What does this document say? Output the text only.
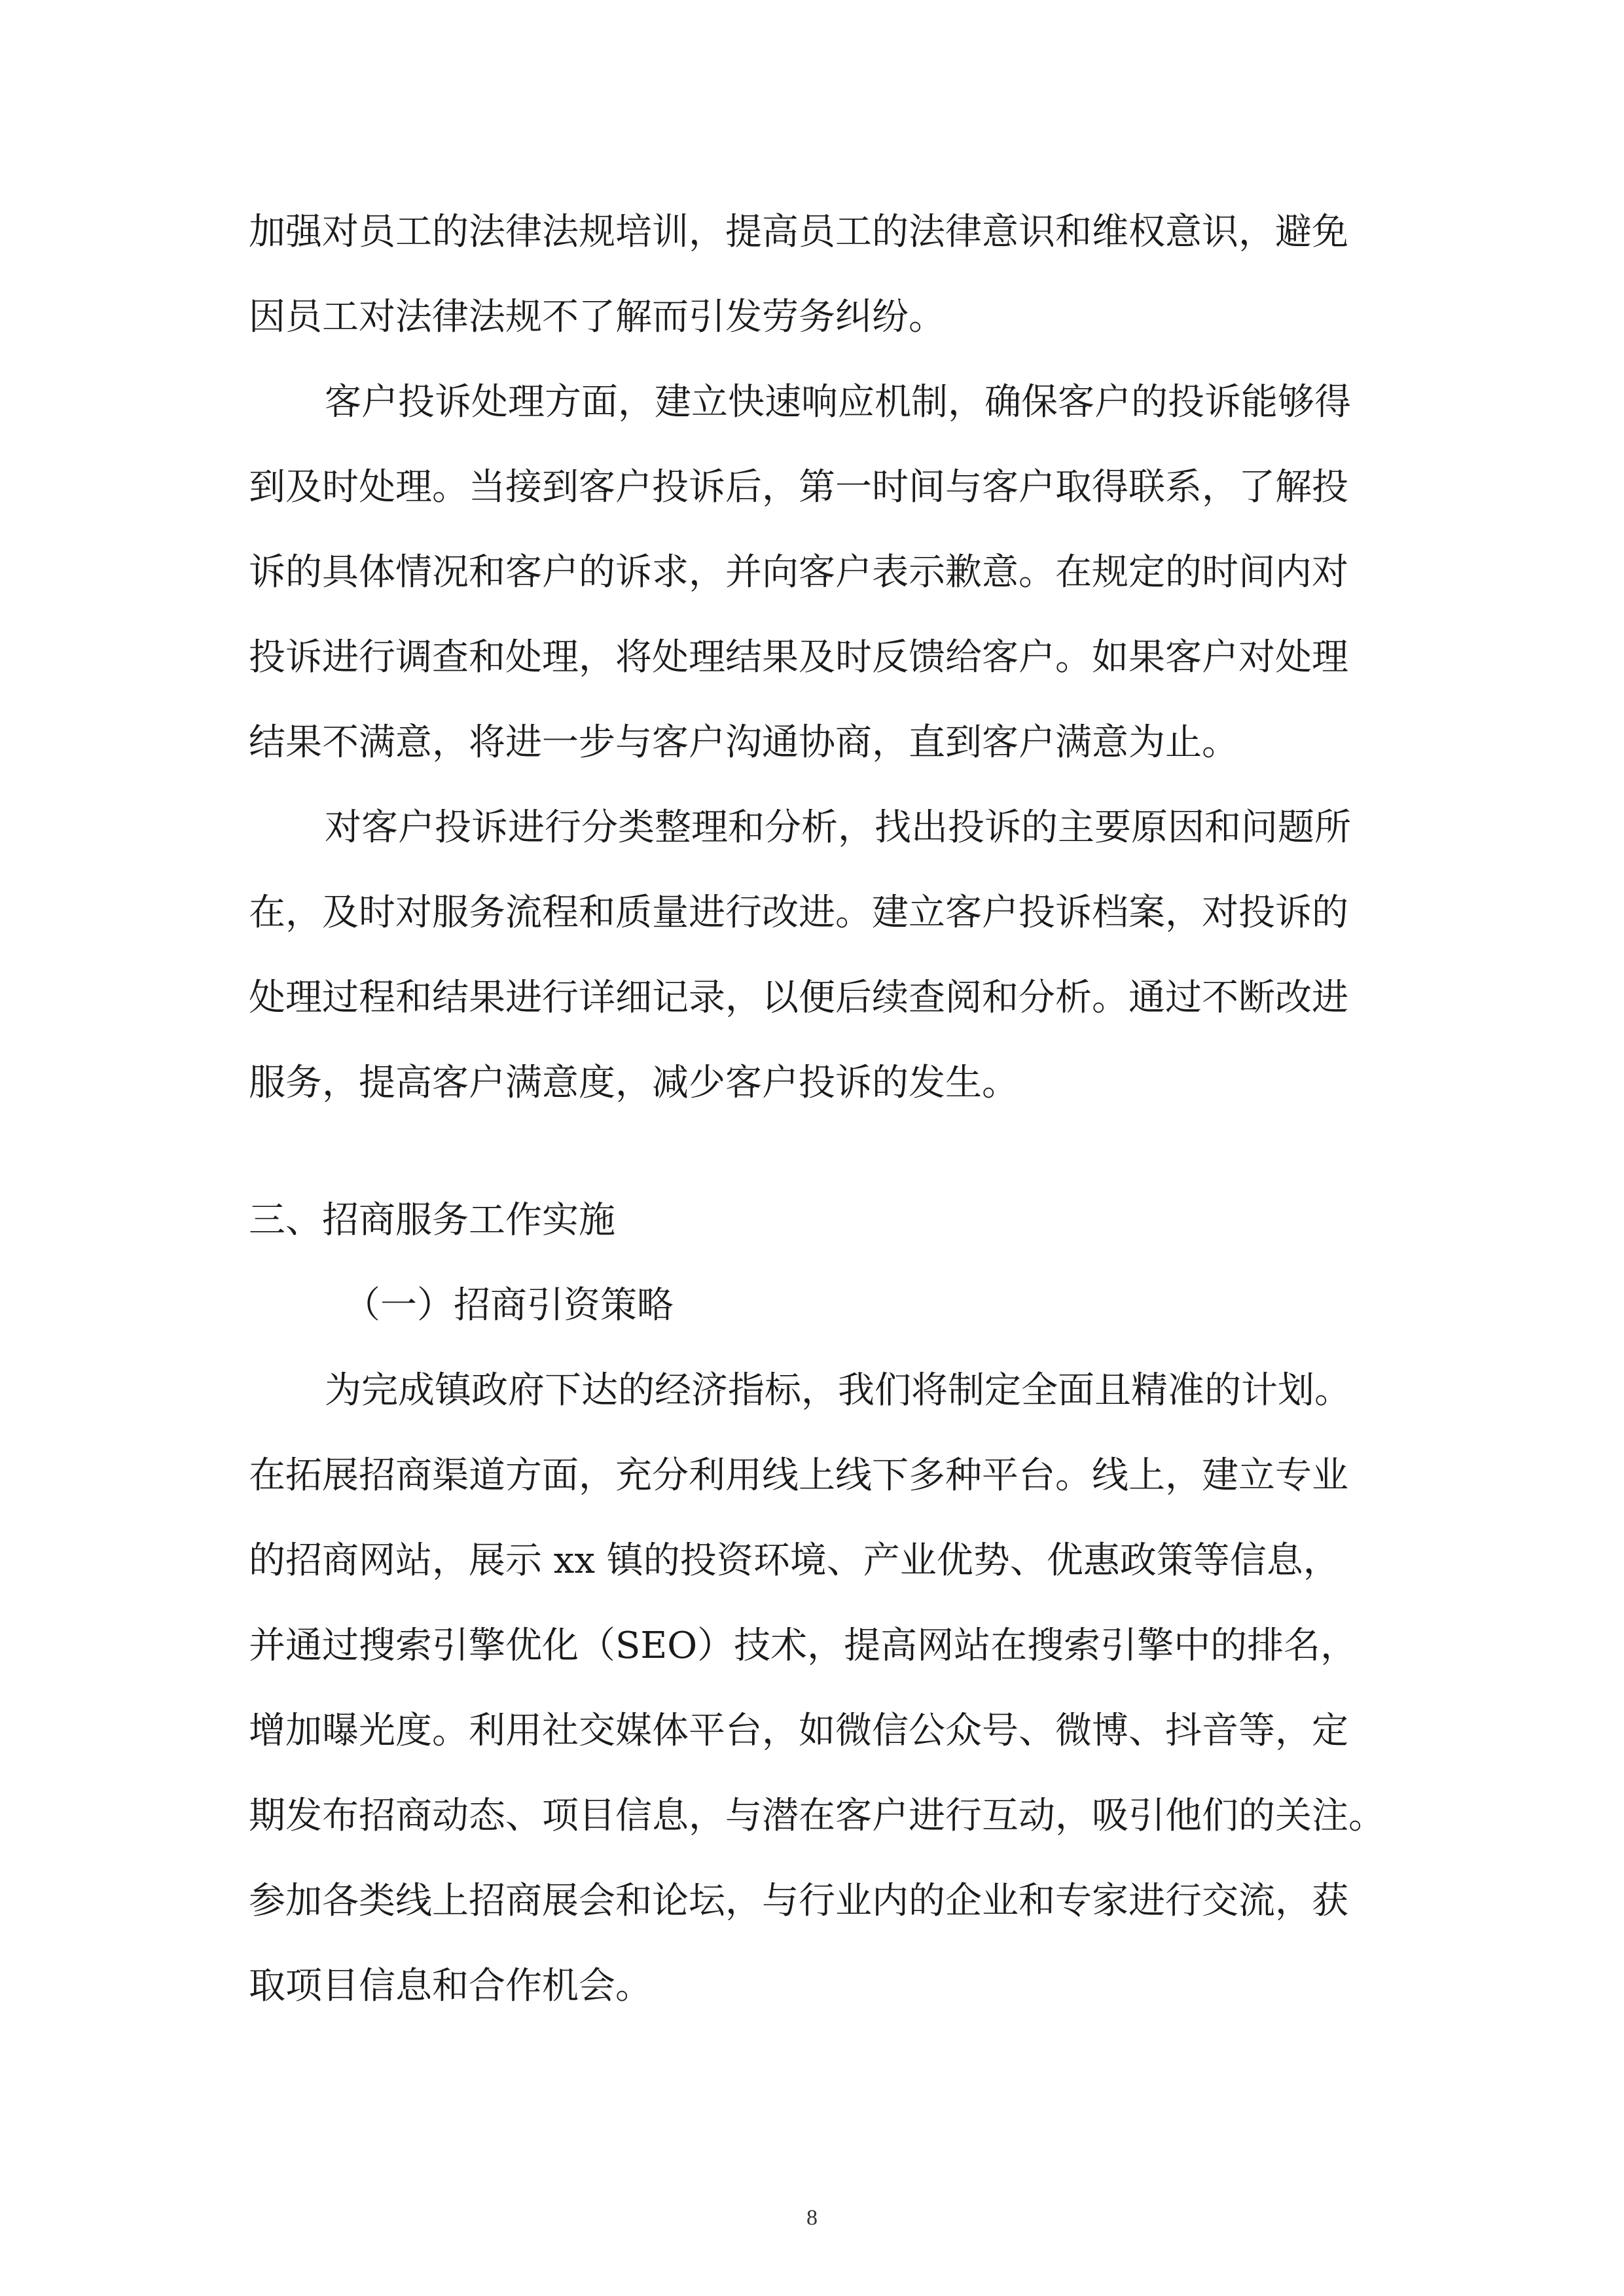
加强对员工的法律法规培训，提高员工的法律意识和维权意识，避免
因员工对法律法规不了解而引发劳务纠纷。
客户投诉处理方面，建立快速响应机制，确保客户的投诉能够得
到及时处理。当接到客户投诉后，第一时间与客户取得联系，了解投
诉的具体情况和客户的诉求，并向客户表示歉意。在规定的时间内对
投诉进行调查和处理，将处理结果及时反馈给客户。如果客户对处理
结果不满意，将进一步与客户沟通协商，直到客户满意为止。
对客户投诉进行分类整理和分析，找出投诉的主要原因和问题所
在，及时对服务流程和质量进行改进。建立客户投诉档案，对投诉的
处理过程和结果进行详细记录，以便后续查阅和分析。通过不断改进
服务，提高客户满意度，减少客户投诉的发生。
三、招商服务工作实施
（一）招商引资策略
为完成镇政府下达的经济指标，我们将制定全面且精准的计划。
在拓展招商渠道方面，充分利用线上线下多种平台。线上，建立专业
的招商网站，展示 xx 镇的投资环境、产业优势、优惠政策等信息，
并通过搜索引擎优化（SEO）技术，提高网站在搜索引擎中的排名，
增加曝光度。利用社交媒体平台，如微信公众号、微博、抖音等，定
期发布招商动态、项目信息，与潜在客户进行互动，吸引他们的关注。
参加各类线上招商展会和论坛，与行业内的企业和专家进行交流，获
取项目信息和合作机会。
8
